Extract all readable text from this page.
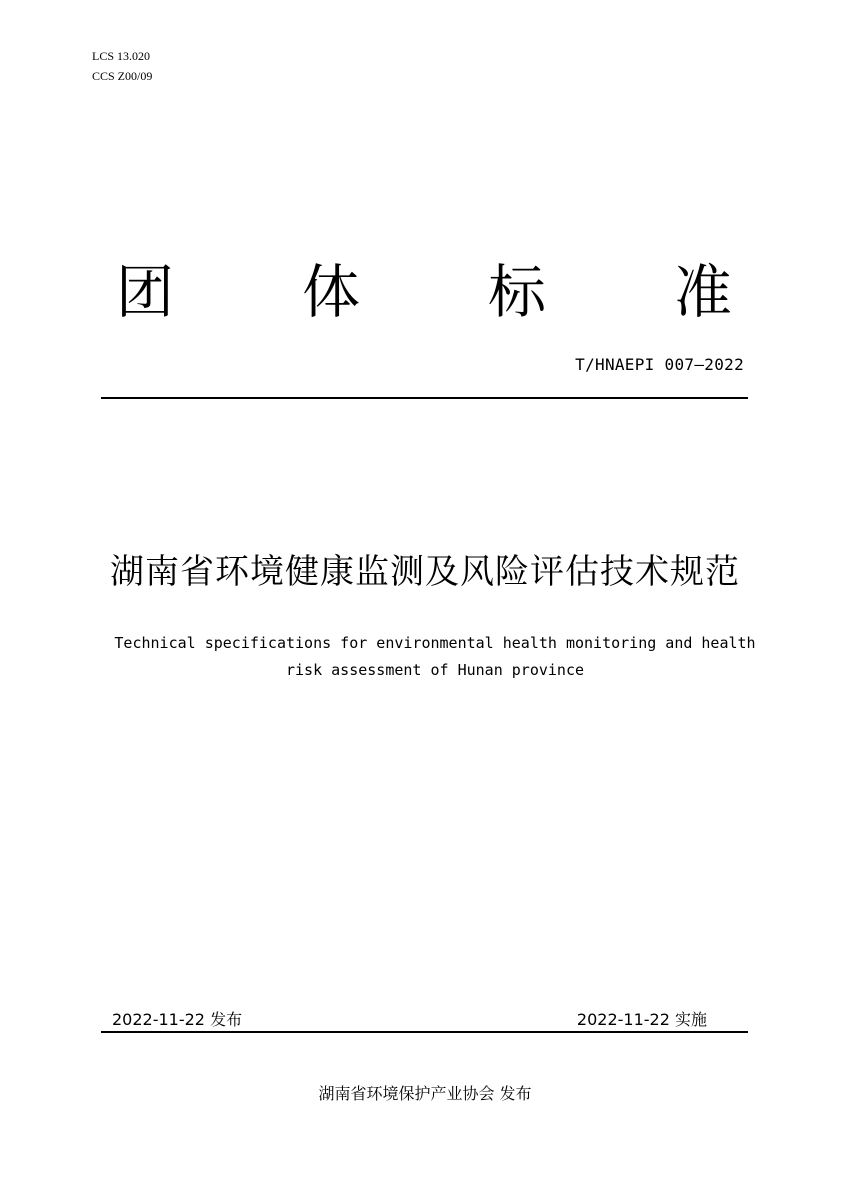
LCS 13.020
CCS Z00/09
团 体 标 准
T/HNAEPI 007—2022
湖南省环境健康监测及风险评估技术规范
Technical specifications for environmental health monitoring and health
risk assessment of Hunan province
2022-11-22 发布	2022-11-22 实施
湖南省环境保护产业协会 发布
